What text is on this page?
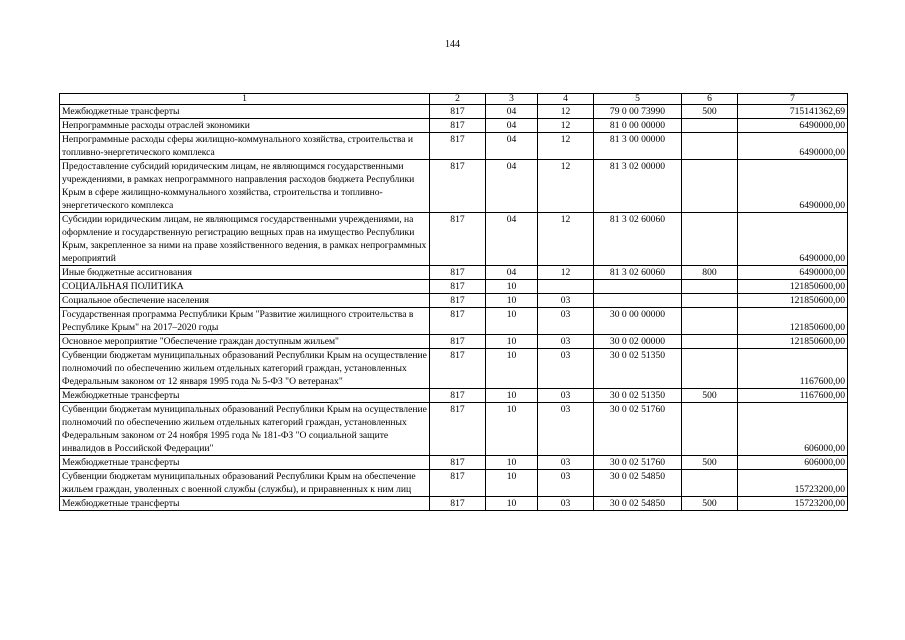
144
1	2	3	4	5	6	7
Межбюджетные трансферты	817	04	12	79 0 00 73990	500	715141362,69
Непрограммные расходы отраслей экономики	817	04	12	81 0 00 00000		6490000,00
Непрограммные расходы сферы жилищно-коммунального хозяйства, строительства и топливно-энергетического комплекса	817	04	12	81 3 00 00000		6490000,00
Предоставление субсидий юридическим лицам, не являющимся государственными учреждениями, в рамках непрограммного направления расходов бюджета Республики Крым в сфере жилищно-коммунального хозяйства, строительства и топливно-энергетического комплекса	817	04	12	81 3 02 00000		6490000,00
Субсидии юридическим лицам, не являющимся государственными учреждениями, на оформление и государственную регистрацию вещных прав на имущество Республики Крым, закрепленное за ними на праве хозяйственного ведения, в рамках непрограммных мероприятий	817	04	12	81 3 02 60060		6490000,00
Иные бюджетные ассигнования	817	04	12	81 3 02 60060	800	6490000,00
СОЦИАЛЬНАЯ ПОЛИТИКА	817	10				121850600,00
Социальное обеспечение населения	817	10	03			121850600,00
Государственная программа Республики Крым "Развитие жилищного строительства в Республике Крым" на 2017–2020 годы	817	10	03	30 0 00 00000		121850600,00
Основное мероприятие "Обеспечение граждан доступным жильем"	817	10	03	30 0 02 00000		121850600,00
Субвенции бюджетам муниципальных образований Республики Крым на осуществление полномочий по обеспечению жильем отдельных категорий граждан, установленных Федеральным законом от 12 января 1995 года № 5-ФЗ "О ветеранах"	817	10	03	30 0 02 51350		1167600,00
Межбюджетные трансферты	817	10	03	30 0 02 51350	500	1167600,00
Субвенции бюджетам муниципальных образований Республики Крым на осуществление полномочий по обеспечению жильем отдельных категорий граждан, установленных Федеральным законом от 24 ноября 1995 года № 181-ФЗ "О социальной защите инвалидов в Российской Федерации"	817	10	03	30 0 02 51760		606000,00
Межбюджетные трансферты	817	10	03	30 0 02 51760	500	606000,00
Субвенции бюджетам муниципальных образований Республики Крым на обеспечение жильем граждан, уволенных с военной службы (службы), и приравненных к ним лиц	817	10	03	30 0 02 54850		15723200,00
Межбюджетные трансферты	817	10	03	30 0 02 54850	500	15723200,00
